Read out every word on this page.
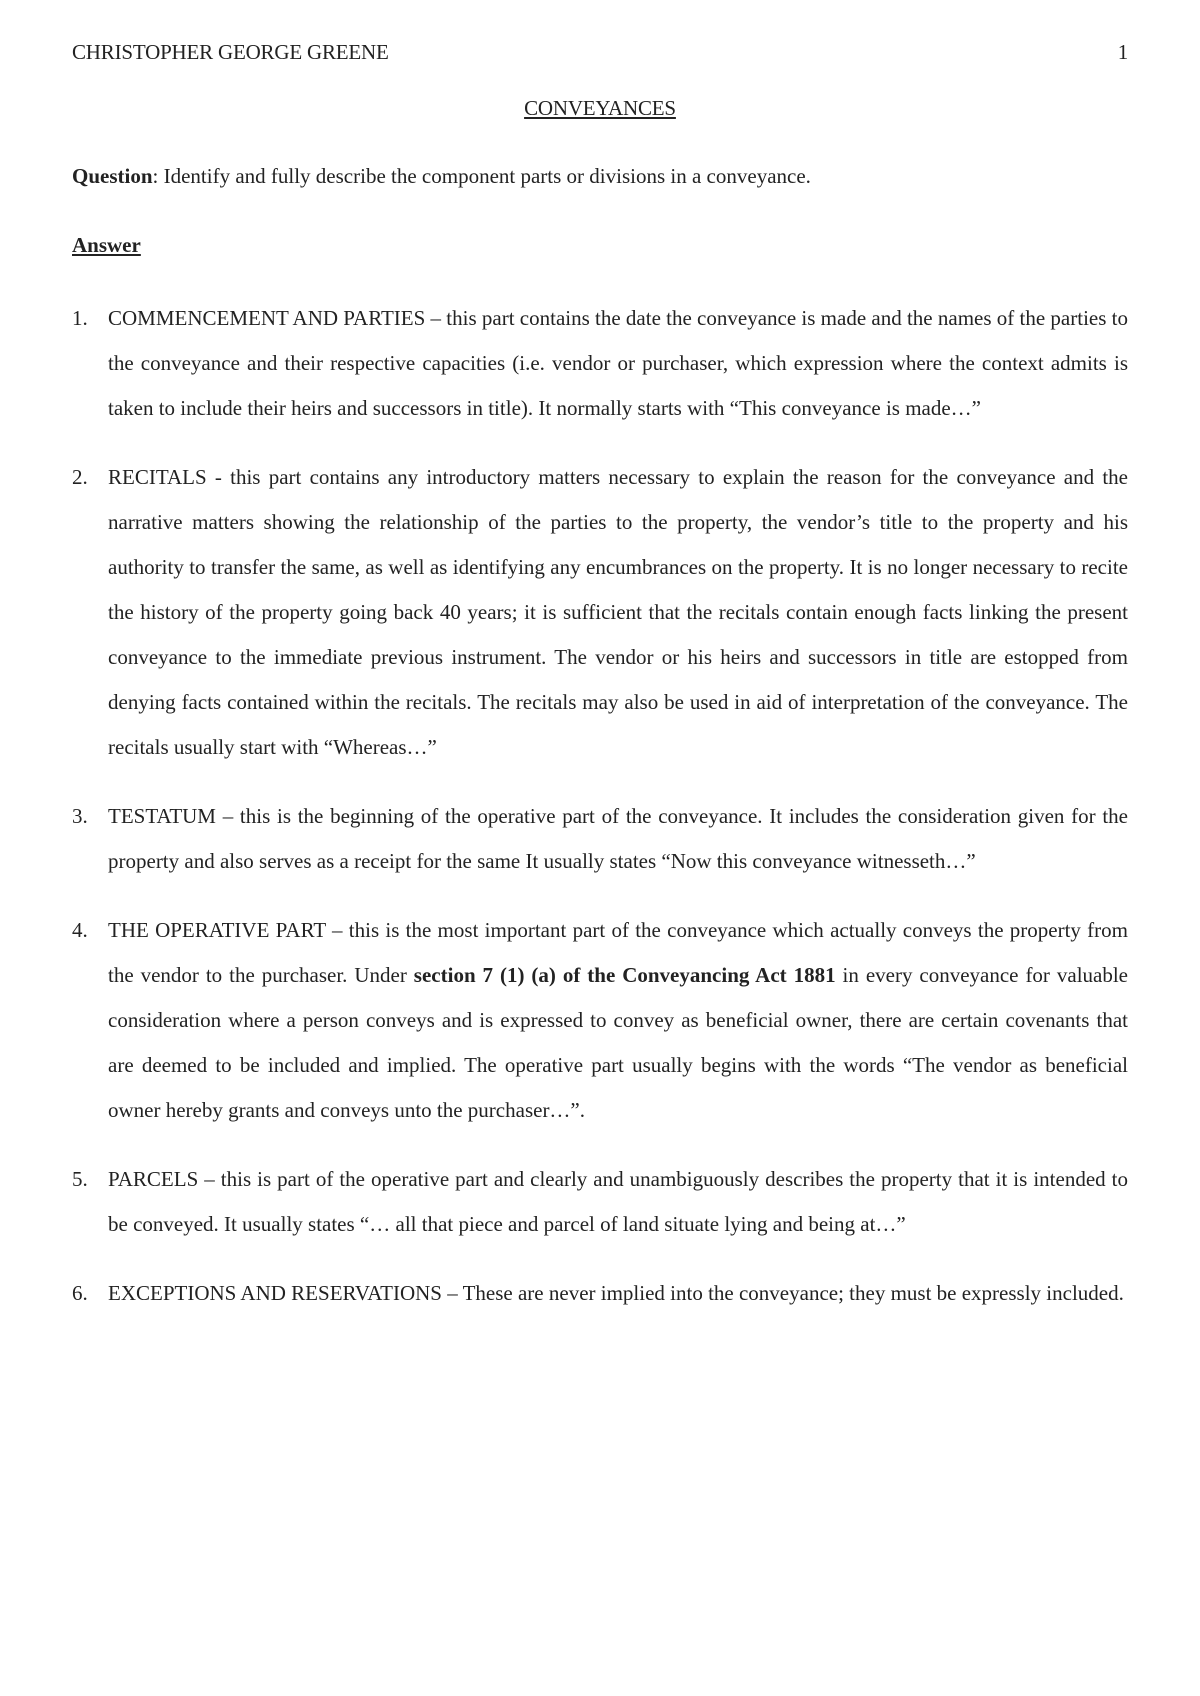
CHRISTOPHER GEORGE GREENE	1
CONVEYANCES
Question: Identify and fully describe the component parts or divisions in a conveyance.
Answer
1. COMMENCEMENT AND PARTIES – this part contains the date the conveyance is made and the names of the parties to the conveyance and their respective capacities (i.e. vendor or purchaser, which expression where the context admits is taken to include their heirs and successors in title). It normally starts with “This conveyance is made…”
2. RECITALS - this part contains any introductory matters necessary to explain the reason for the conveyance and the narrative matters showing the relationship of the parties to the property, the vendor’s title to the property and his authority to transfer the same, as well as identifying any encumbrances on the property. It is no longer necessary to recite the history of the property going back 40 years; it is sufficient that the recitals contain enough facts linking the present conveyance to the immediate previous instrument. The vendor or his heirs and successors in title are estopped from denying facts contained within the recitals. The recitals may also be used in aid of interpretation of the conveyance. The recitals usually start with “Whereas…”
3. TESTATUM – this is the beginning of the operative part of the conveyance. It includes the consideration given for the property and also serves as a receipt for the same It usually states “Now this conveyance witnesseth…”
4. THE OPERATIVE PART – this is the most important part of the conveyance which actually conveys the property from the vendor to the purchaser. Under section 7 (1) (a) of the Conveyancing Act 1881 in every conveyance for valuable consideration where a person conveys and is expressed to convey as beneficial owner, there are certain covenants that are deemed to be included and implied. The operative part usually begins with the words “The vendor as beneficial owner hereby grants and conveys unto the purchaser…”.
5. PARCELS – this is part of the operative part and clearly and unambiguously describes the property that it is intended to be conveyed. It usually states “… all that piece and parcel of land situate lying and being at…”
6. EXCEPTIONS AND RESERVATIONS – These are never implied into the conveyance; they must be expressly included.
